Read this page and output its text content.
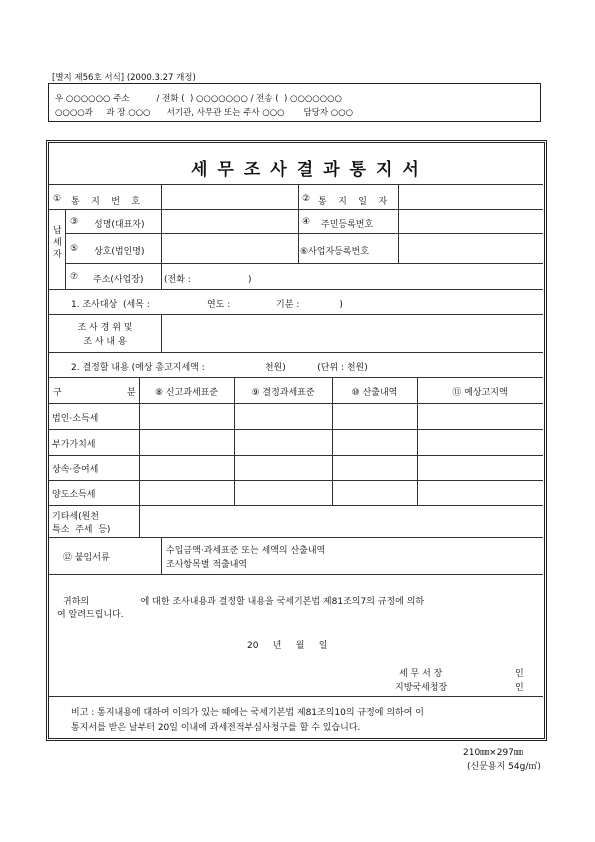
[별지 제56호 서식] (2000.3.27 개정)
우 ○○○○○○ 주소          / 전화 (  ) ○○○○○○○ / 전송 (  ) ○○○○○○○
○○○○과     과 장 ○○○      서기관, 사무관 또는 주사 ○○○       담당자 ○○○
① 통    지    번    호	② 통    지    일    자
납세자
③ 성명(대표자)	④ 주민등록번호
⑤ 상호(법인명)	⑥사업자등록번호
⑦ 주소(사업장) (전화 :                    )
1. 조사대상  (세목 :                    연도 :                기분 :              )
조 사 경 위 및
조 사 내 용
2. 결정할 내용 (예상 총고지세액 :                     천원)           (단위 : 천원)
구	분	⑧ 신고과세표준	⑨ 결정과세표준	⑩ 산출내역	⑪ 예상고지액
법인·소득세
부가가치세
상속·증여세
양도소득세
기타세(원천
특소  주세  등)
⑫ 붙임서류
수입금액·과세표준 또는 세액의 산출내역
조사항목별 적출내역
귀하의                  에 대한 조사내용과 결정할 내용을 국세기본법 제81조의7의 규정에 의하
여 알려드립니다.
20     년     월     일
세 무 서 장	인
지방국세청장	인
비고 : 통지내용에 대하여 이의가 있는 때에는 국세기본법 제81조의10의 규정에 의하여 이
통지서를 받은 날부터 20일 이내에 과세전적부심사청구를 할 수 있습니다.
세무조사결과통지서
210㎜×297㎜
(신문용지 54g/㎡)
